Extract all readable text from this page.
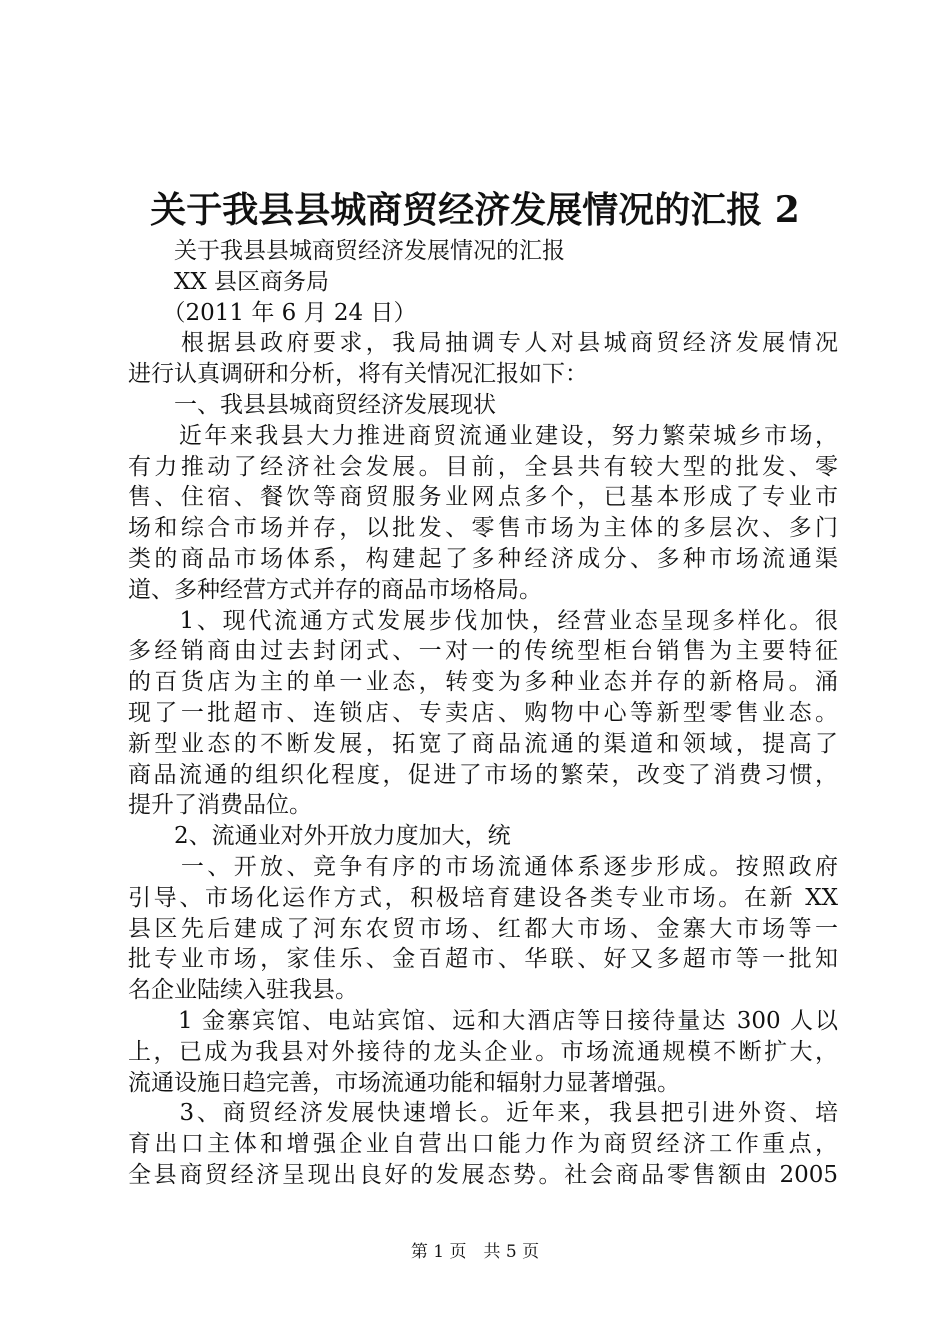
关于我县县城商贸经济发展情况的汇报 2
　　关于我县县城商贸经济发展情况的汇报
　　XX 县区商务局
　　（2011 年 6 月 24 日）
　　根据县政府要求，我局抽调专人对县城商贸经济发展情况
进行认真调研和分析，将有关情况汇报如下：
　　一、我县县城商贸经济发展现状
　　近年来我县大力推进商贸流通业建设，努力繁荣城乡市场，
有力推动了经济社会发展。目前，全县共有较大型的批发、零
售、住宿、餐饮等商贸服务业网点多个，已基本形成了专业市
场和综合市场并存，以批发、零售市场为主体的多层次、多门
类的商品市场体系，构建起了多种经济成分、多种市场流通渠
道、多种经营方式并存的商品市场格局。
　　1、现代流通方式发展步伐加快，经营业态呈现多样化。很
多经销商由过去封闭式、一对一的传统型柜台销售为主要特征
的百货店为主的单一业态，转变为多种业态并存的新格局。涌
现了一批超市、连锁店、专卖店、购物中心等新型零售业态。
新型业态的不断发展，拓宽了商品流通的渠道和领域，提高了
商品流通的组织化程度，促进了市场的繁荣，改变了消费习惯，
提升了消费品位。
　　2、流通业对外开放力度加大，统
　　一、开放、竞争有序的市场流通体系逐步形成。按照政府
引导、市场化运作方式，积极培育建设各类专业市场。在新 XX
县区先后建成了河东农贸市场、红都大市场、金寨大市场等一
批专业市场，家佳乐、金百超市、华联、好又多超市等一批知
名企业陆续入驻我县。
　　1 金寨宾馆、电站宾馆、远和大酒店等日接待量达 300 人以
上，已成为我县对外接待的龙头企业。市场流通规模不断扩大，
流通设施日趋完善，市场流通功能和辐射力显著增强。
　　3、商贸经济发展快速增长。近年来，我县把引进外资、培
育出口主体和增强企业自营出口能力作为商贸经济工作重点，
全县商贸经济呈现出良好的发展态势。社会商品零售额由 2005
第 1 页　共 5 页
